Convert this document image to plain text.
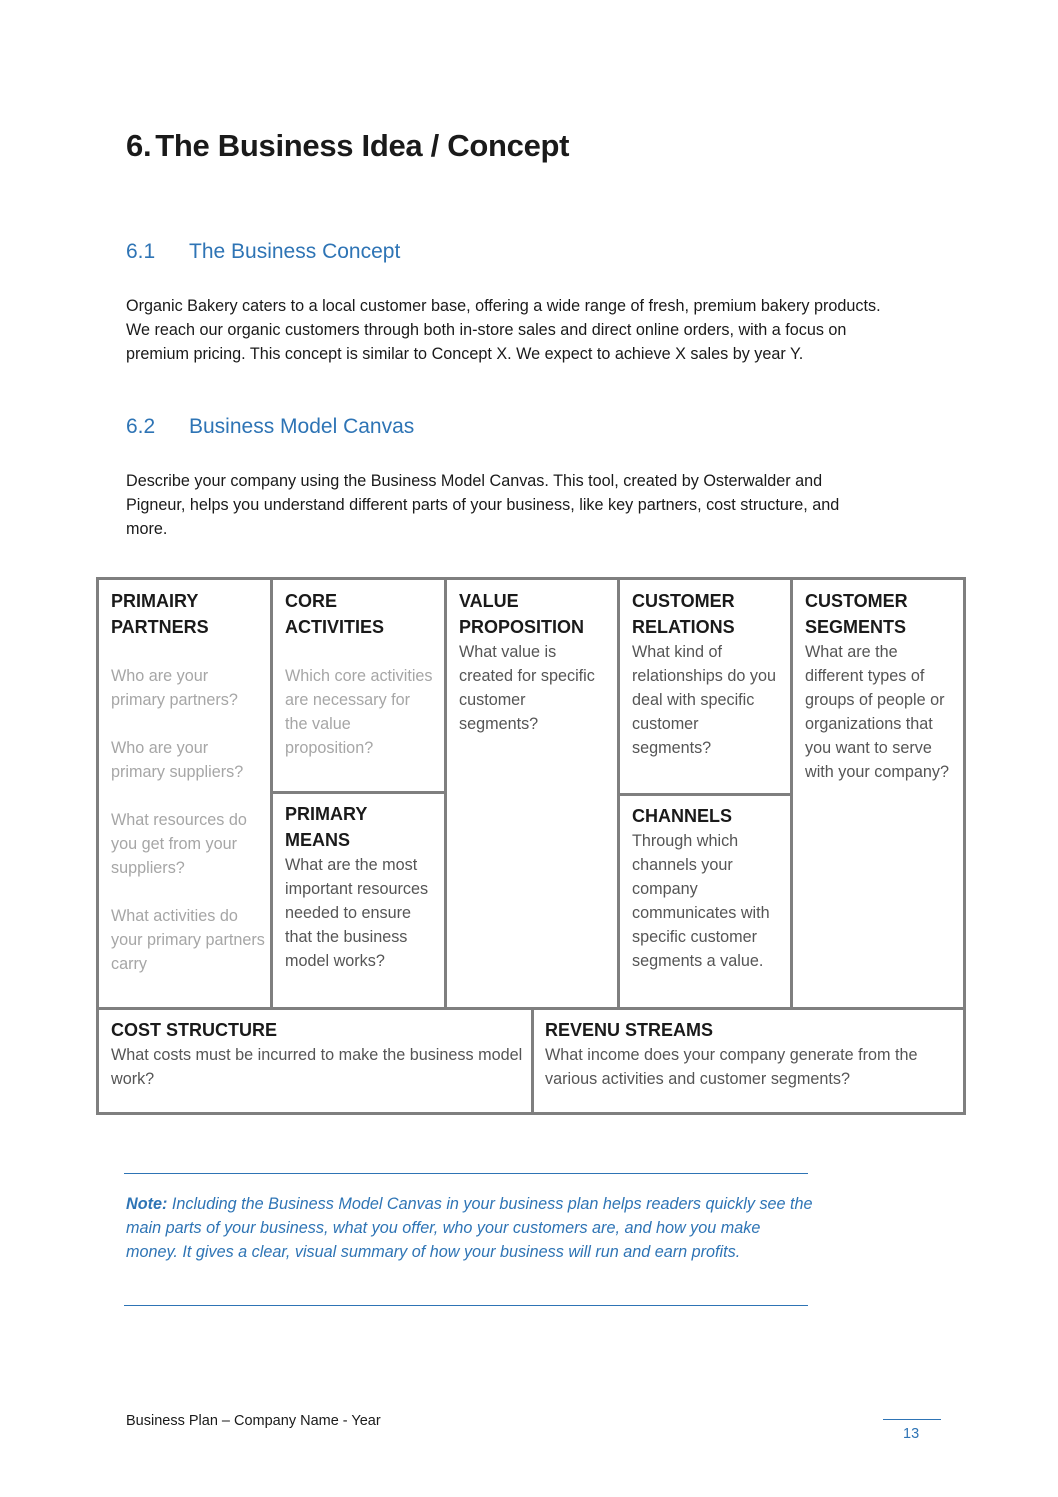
6. The Business Idea / Concept
6.1 The Business Concept

Organic Bakery caters to a local customer base, offering a wide range of fresh, premium bakery products. We reach our organic customers through both in-store sales and direct online orders, with a focus on premium pricing. This concept is similar to Concept X. We expect to achieve X sales by year Y.

6.2 Business Model Canvas

Describe your company using the Business Model Canvas. This tool, created by Osterwalder and Pigneur, helps you understand different parts of your business, like key partners, cost structure, and more.

PRIMAIRY PARTNERS
Who are your primary partners?
Who are your primary suppliers?
What resources do you get from your suppliers?
What activities do your primary partners carry
CORE ACTIVITIES
Which core activities are necessary for the value proposition?
PRIMARY MEANS
What are the most important resources needed to ensure that the business model works?
VALUE PROPOSITION
What value is created for specific customer segments?
CUSTOMER RELATIONS
What kind of relationships do you deal with specific customer segments?
CHANNELS
Through which channels your company communicates with specific customer segments a value.
CUSTOMER SEGMENTS
What are the different types of groups of people or organizations that you want to serve with your company?
COST STRUCTURE
What costs must be incurred to make the business model work?
REVENU STREAMS
What income does your company generate from the various activities and customer segments?

Note: Including the Business Model Canvas in your business plan helps readers quickly see the main parts of your business, what you offer, who your customers are, and how you make money. It gives a clear, visual summary of how your business will run and earn profits.

Business Plan – Company Name - Year
13
